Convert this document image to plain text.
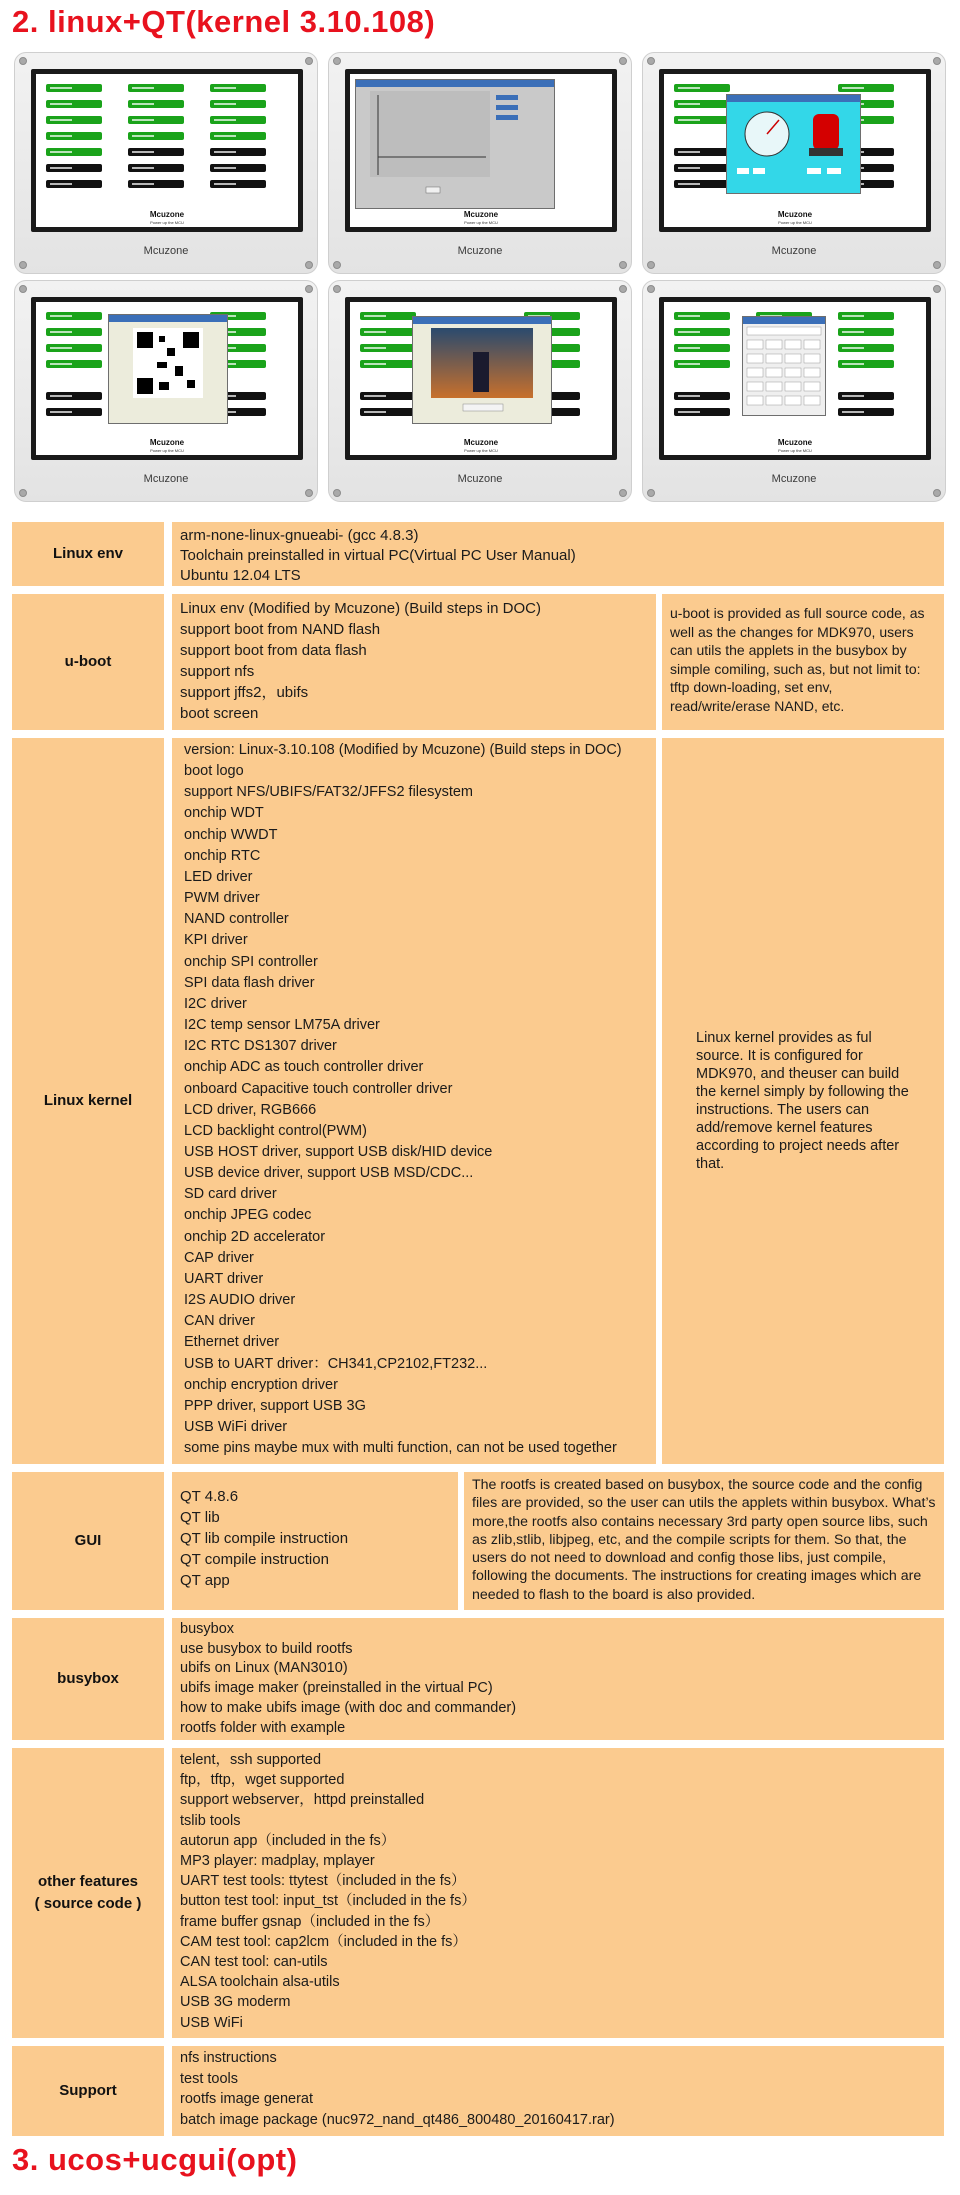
2. linux+QT(kernel 3.10.108)
Mcuzone
Power up the MCU
Mcuzone
Mcuzone
Power up the MCU
Mcuzone
Mcuzone
Power up the MCU
Mcuzone
Mcuzone
Power up the MCU
Mcuzone
Mcuzone
Power up the MCU
Mcuzone
Mcuzone
Power up the MCU
Mcuzone
Linux env
arm-none-linux-gnueabi- (gcc 4.8.3)
Toolchain preinstalled in virtual PC(Virtual PC User Manual)
Ubuntu 12.04 LTS
u-boot
Linux env (Modified by Mcuzone) (Build steps in DOC)
support boot from NAND flash
support boot from data flash
support nfs
support jffs2，ubifs
boot screen
u-boot is provided as full source code, as well as the changes for MDK970, users can utils the applets in the busybox by simple comiling, such as, but not limit to: tftp down-loading, set env, read/write/erase NAND, etc.
Linux kernel
version: Linux-3.10.108 (Modified by Mcuzone) (Build steps in DOC)
boot logo
support NFS/UBIFS/FAT32/JFFS2 filesystem
onchip WDT
onchip WWDT
onchip RTC
LED driver
PWM driver
NAND controller
KPI driver
onchip SPI controller
SPI data flash driver
I2C driver
I2C temp sensor LM75A driver
I2C RTC DS1307 driver
onchip ADC as touch controller driver
onboard Capacitive touch controller driver
LCD driver, RGB666
LCD backlight control(PWM)
USB HOST driver, support USB disk/HID device
USB device driver, support USB MSD/CDC...
SD card driver
onchip JPEG codec
onchip 2D accelerator
CAP driver
UART driver
I2S AUDIO driver
CAN driver
Ethernet driver
USB to UART driver：CH341,CP2102,FT232...
onchip encryption driver
PPP driver, support USB 3G
USB WiFi driver
some pins maybe mux with multi function, can not be used together
Linux kernel provides as ful source. It is configured for MDK970, and theuser can build the kernel simply by following the instructions. The users can add/remove kernel features according to project needs after that.
GUI
QT 4.8.6
QT lib
QT lib compile instruction
QT compile instruction
QT app
The rootfs is created based on busybox, the source code and the config files are provided, so the user can utils the applets within busybox. What’s more,the rootfs also contains necessary 3rd party open source libs, such as zlib,stlib, libjpeg, etc, and the compile scripts for them. So that, the users do not need to download and config those libs, just compile, following the documents. The instructions for creating images which are needed to flash to the board is also provided.
busybox
busybox
use busybox to build rootfs
ubifs on Linux (MAN3010)
ubifs image maker (preinstalled in the virtual PC)
how to make ubifs image (with doc and commander)
rootfs folder with example
other features
( source code )
telent，ssh supported
ftp，tftp，wget supported
support webserver，httpd preinstalled
tslib tools
autorun app（included in the fs）
MP3 player: madplay, mplayer
UART test tools: ttytest（included in the fs）
button test tool: input_tst（included in the fs）
frame buffer gsnap（included in the fs）
CAM test tool: cap2lcm（included in the fs）
CAN test tool: can-utils
ALSA toolchain alsa-utils
USB 3G moderm
USB WiFi
Support
nfs instructions
test tools
rootfs image generat
batch image package (nuc972_nand_qt486_800480_20160417.rar)
3. ucos+ucgui(opt)
